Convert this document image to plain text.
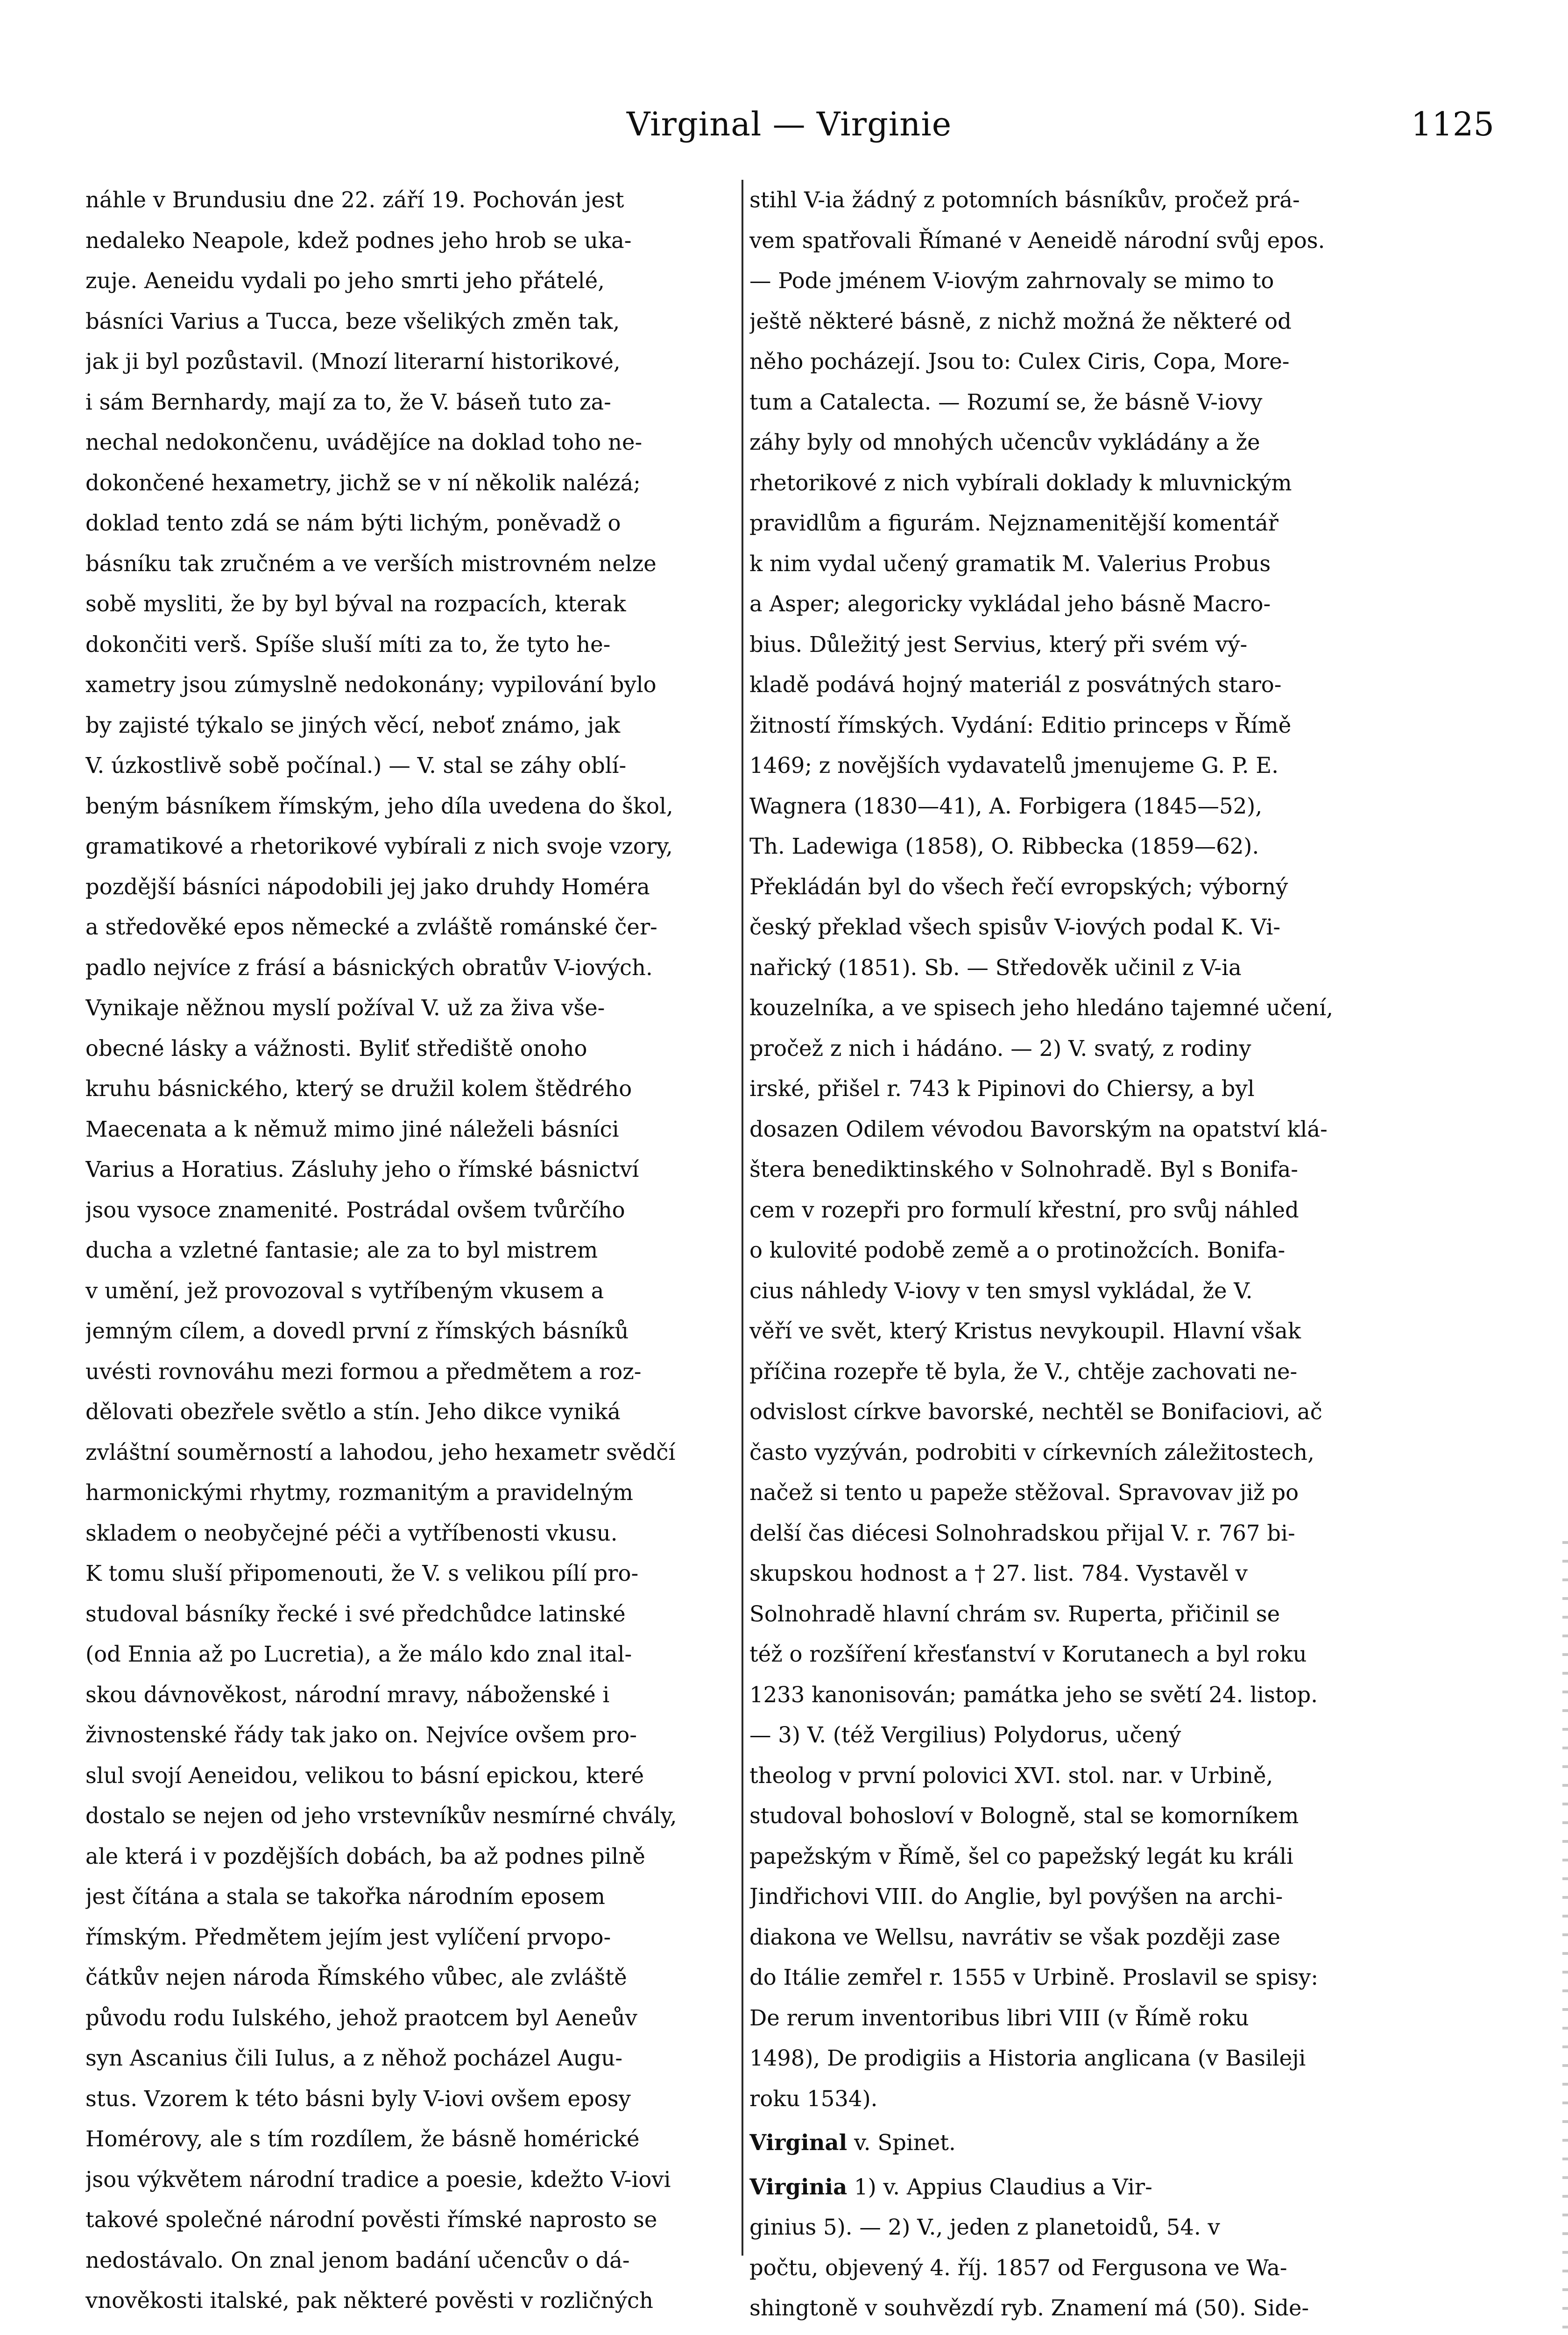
Virginal — Virginie	1125
náhle v Brundusiu dne 22. září 19. Pochován jest
nedaleko Neapole, kdež podnes jeho hrob se uka-
zuje. Aeneidu vydali po jeho smrti jeho přátelé,
básníci Varius a Tucca, beze všelikých změn tak,
jak ji byl pozůstavil. (Mnozí literarní historikové,
i sám Bernhardy, mají za to, že V. báseň tuto za-
nechal nedokončenu, uvádějíce na doklad toho ne-
dokončené hexametry, jichž se v ní několik nalézá;
doklad tento zdá se nám býti lichým, poněvadž o
básníku tak zručném a ve verších mistrovném nelze
sobě mysliti, že by byl býval na rozpacích, kterak
dokončiti verš. Spíše sluší míti za to, že tyto he-
xametry jsou zúmyslně nedokonány; vypilování bylo
by zajisté týkalo se jiných věcí, neboť známo, jak
V. úzkostlivě sobě počínal.) — V. stal se záhy oblí-
beným básníkem římským, jeho díla uvedena do škol,
gramatikové a rhetorikové vybírali z nich svoje vzory,
pozdější básníci nápodobili jej jako druhdy Homéra
a středověké epos německé a zvláště románské čer-
padlo nejvíce z frásí a básnických obratův V-iových.
Vynikaje něžnou myslí požíval V. už za živa vše-
obecné lásky a vážnosti. Byliť střediště onoho
kruhu básnického, který se družil kolem štědrého
Maecenata a k němuž mimo jiné náleželi básníci
Varius a Horatius. Zásluhy jeho o římské básnictví
jsou vysoce znamenité. Postrádal ovšem tvůrčího
ducha a vzletné fantasie; ale za to byl mistrem
v umění, jež provozoval s vytříbeným vkusem a
jemným cílem, a dovedl první z římských básníků
uvésti rovnováhu mezi formou a předmětem a roz-
dělovati obezřele světlo a stín. Jeho dikce vyniká
zvláštní souměrností a lahodou, jeho hexametr svědčí
harmonickými rhytmy, rozmanitým a pravidelným
skladem o neobyčejné péči a vytříbenosti vkusu.
K tomu sluší připomenouti, že V. s velikou pílí pro-
studoval básníky řecké i své předchůdce latinské
(od Ennia až po Lucretia), a že málo kdo znal ital-
skou dávnověkost, národní mravy, náboženské i
živnostenské řády tak jako on. Nejvíce ovšem pro-
slul svojí Aeneidou, velikou to básní epickou, které
dostalo se nejen od jeho vrstevníkův nesmírné chvály,
ale která i v pozdějších dobách, ba až podnes pilně
jest čítána a stala se takořka národním eposem
římským. Předmětem jejím jest vylíčení prvopo-
čátkův nejen národa Římského vůbec, ale zvláště
původu rodu Iulského, jehož praotcem byl Aeneův
syn Ascanius čili Iulus, a z něhož pocházel Augu-
stus. Vzorem k této básni byly V-iovi ovšem eposy
Homérovy, ale s tím rozdílem, že básně homérické
jsou výkvětem národní tradice a poesie, kdežto V-iovi
takové společné národní pověsti římské naprosto se
nedostávalo. On znal jenom badání učencův o dá-
vnověkosti italské, pak některé pověsti v rozličných
stihl V-ia žádný z potomních básníkův, pročež prá-
vem spatřovali Římané v Aeneidě národní svůj epos.
— Pode jménem V-iovým zahrnovaly se mimo to
ještě některé básně, z nichž možná že některé od
něho pocházejí. Jsou to: Culex Ciris, Copa, More-
tum a Catalecta. — Rozumí se, že básně V-iovy
záhy byly od mnohých učencův vykládány a že
rhetorikové z nich vybírali doklady k mluvnickým
pravidlům a figurám. Nejznamenitější komentář
k nim vydal učený gramatik M. Valerius Probus
a Asper; alegoricky vykládal jeho básně Macro-
bius. Důležitý jest Servius, který při svém vý-
kladě podává hojný materiál z posvátných staro-
žitností římských. Vydání: Editio princeps v Římě
1469; z novějších vydavatelů jmenujeme G. P. E.
Wagnera (1830—41), A. Forbigera (1845—52),
Th. Ladewiga (1858), O. Ribbecka (1859—62).
Překládán byl do všech řečí evropských; výborný
český překlad všech spisův V-iových podal K. Vi-
nařický (1851). Sb. — Středověk učinil z V-ia
kouzelníka, a ve spisech jeho hledáno tajemné učení,
pročež z nich i hádáno. — 2) V. svatý, z rodiny
irské, přišel r. 743 k Pipinovi do Chiersy, a byl
dosazen Odilem vévodou Bavorským na opatství klá-
štera benediktinského v Solnohradě. Byl s Bonifa-
cem v rozepři pro formulí křestní, pro svůj náhled
o kulovité podobě země a o protinožcích. Bonifa-
cius náhledy V-iovy v ten smysl vykládal, že V.
věří ve svět, který Kristus nevykoupil. Hlavní však
příčina rozepře tě byla, že V., chtěje zachovati ne-
odvislost církve bavorské, nechtěl se Bonifaciovi, ač
často vyzýván, podrobiti v církevních záležitostech,
načež si tento u papeže stěžoval. Spravovav již po
delší čas diécesi Solnohradskou přijal V. r. 767 bi-
skupskou hodnost a † 27. list. 784. Vystavěl v
Solnohradě hlavní chrám sv. Ruperta, přičinil se
též o rozšíření křesťanství v Korutanech a byl roku
1233 kanonisován; památka jeho se světí 24. listop.
— 3) V. (též Vergilius) Polydorus, učený
theolog v první polovici XVI. stol. nar. v Urbině,
studoval bohosloví v Bologně, stal se komorníkem
papežským v Římě, šel co papežský legát ku králi
Jindřichovi VIII. do Anglie, byl povýšen na archi-
diakona ve Wellsu, navrátiv se však později zase
do Itálie zemřel r. 1555 v Urbině. Proslavil se spisy:
De rerum inventoribus libri VIII (v Římě roku
1498), De prodigiis a Historia anglicana (v Basileji
roku 1534).
Virginal v. Spinet.
Virginia 1) v. Appius Claudius a Vir-
ginius 5). — 2) V., jeden z planetoidů, 54. v
počtu, objevený 4. říj. 1857 od Fergusona ve Wa-
shingtoně v souhvězdí ryb. Znamení má (50). Side-
